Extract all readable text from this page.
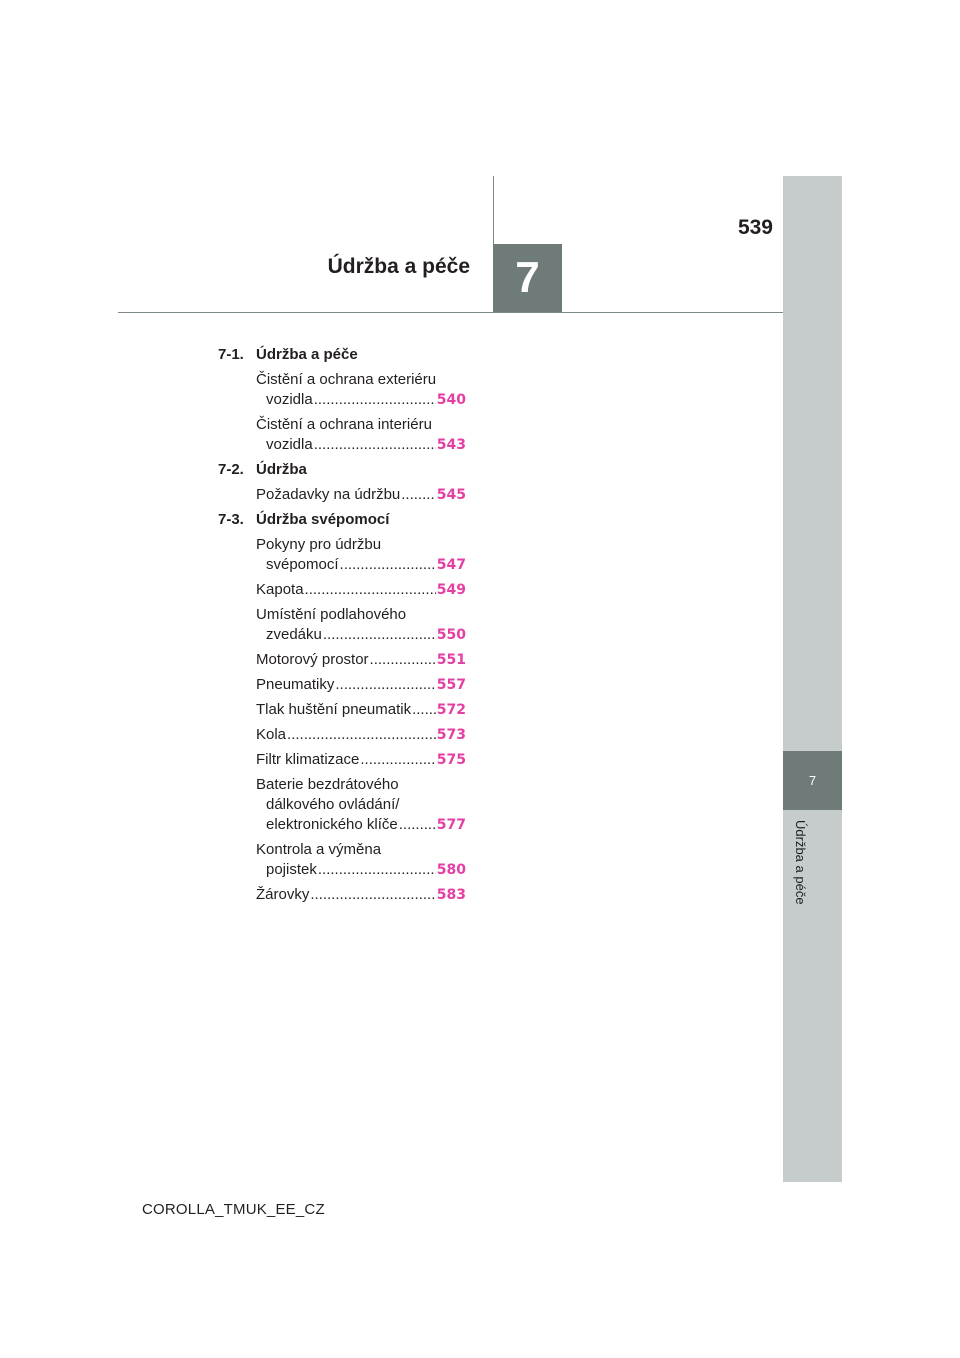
7
Údržba a péče
539
Údržba a péče	7
7-1. Údržba a péče
Čistění a ochrana exteriéru
vozidla .....	540
Čistění a ochrana interiéru
vozidla .....	543
7-2. Údržba
Požadavky na údržbu .....	545
7-3. Údržba svépomocí
Pokyny pro údržbu
svépomocí .....	547
Kapota .....	549
Umístění podlahového
zvedáku .....	550
Motorový prostor .....	551
Pneumatiky .....	557
Tlak huštění pneumatik ..... 572
Kola .....	573
Filtr klimatizace .....	575
Baterie bezdrátového
dálkového ovládání/
elektronického klíče .....	577
Kontrola a výměna
pojistek .....	580
Žárovky .....	583
COROLLA_TMUK_EE_CZ
